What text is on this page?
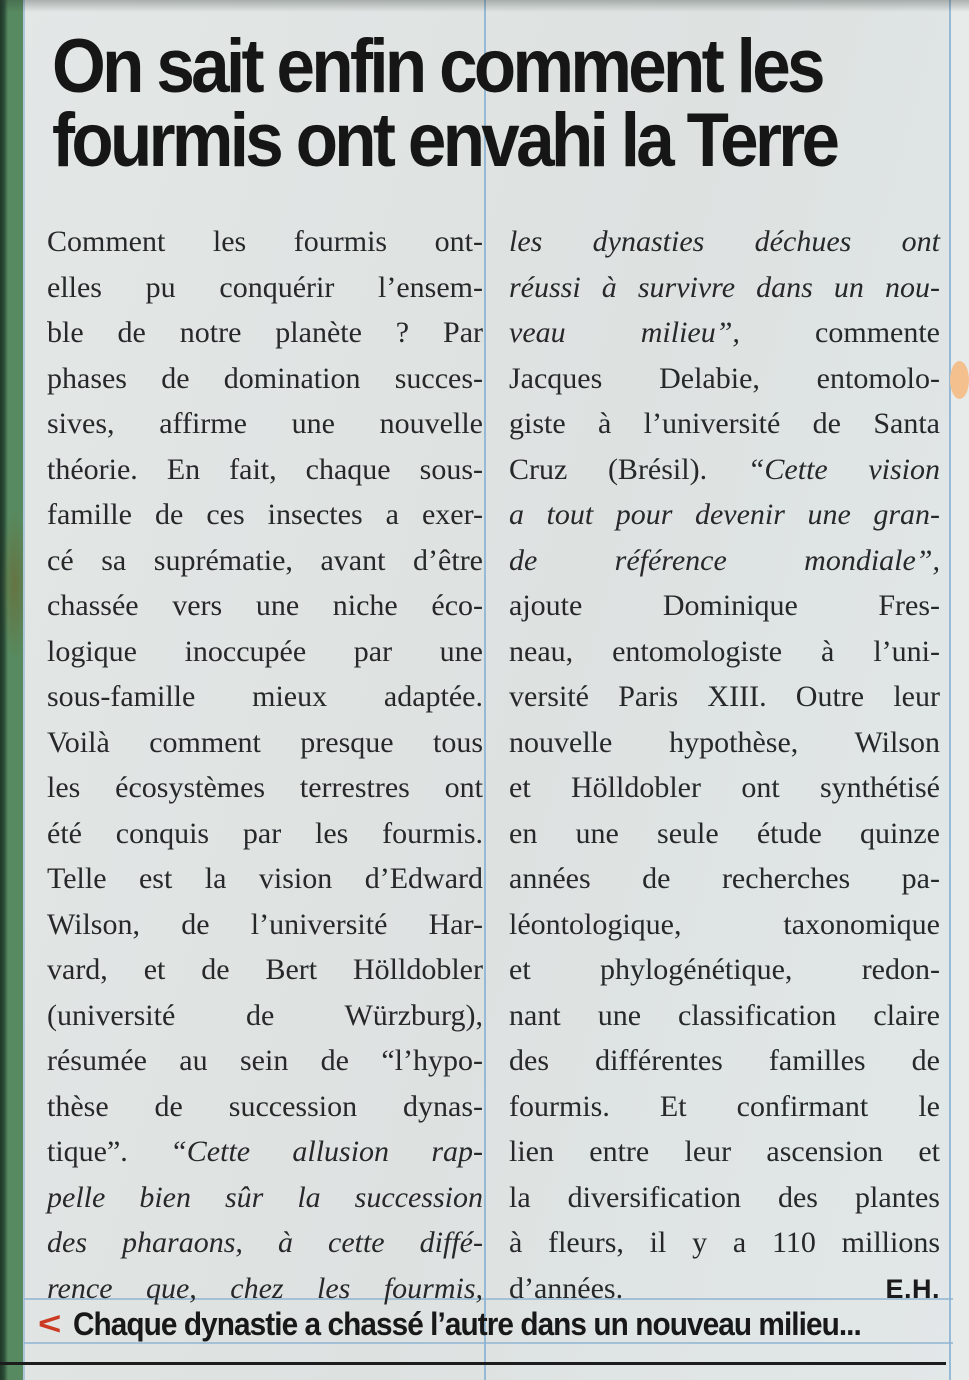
On sait enfin comment les
fourmis ont envahi la Terre
Comment les fourmis ont-
elles pu conquérir l’ensem-
ble de notre planète ? Par
phases de domination succes-
sives, affirme une nouvelle
théorie. En fait, chaque sous-
famille de ces insectes a exer-
cé sa suprématie, avant d’être
chassée vers une niche éco-
logique inoccupée par une
sous-famille mieux adaptée.
Voilà comment presque tous
les écosystèmes terrestres ont
été conquis par les fourmis.
Telle est la vision d’Edward
Wilson, de l’université Har-
vard, et de Bert Hölldobler
(université de Würzburg),
résumée au sein de “l’hypo-
thèse de succession dynas-
tique”. “Cette allusion rap-
pelle bien sûr la succession
des pharaons, à cette diffé-
rence que, chez les fourmis,
les dynasties déchues ont
réussi à survivre dans un nou-
veau milieu”, commente
Jacques Delabie, entomolo-
giste à l’université de Santa
Cruz (Brésil). “Cette vision
a tout pour devenir une gran-
de référence mondiale”,
ajoute Dominique Fres-
neau, entomologiste à l’uni-
versité Paris XIII. Outre leur
nouvelle hypothèse, Wilson
et Hölldobler ont synthétisé
en une seule étude quinze
années de recherches pa-
léontologique, taxonomique
et phylogénétique, redon-
nant une classification claire
des différentes familles de
fourmis. Et confirmant le
lien entre leur ascension et
la diversification des plantes
à fleurs, il y a 110 millions
d’années. E.H.
< Chaque dynastie a chassé l’autre dans un nouveau milieu...
